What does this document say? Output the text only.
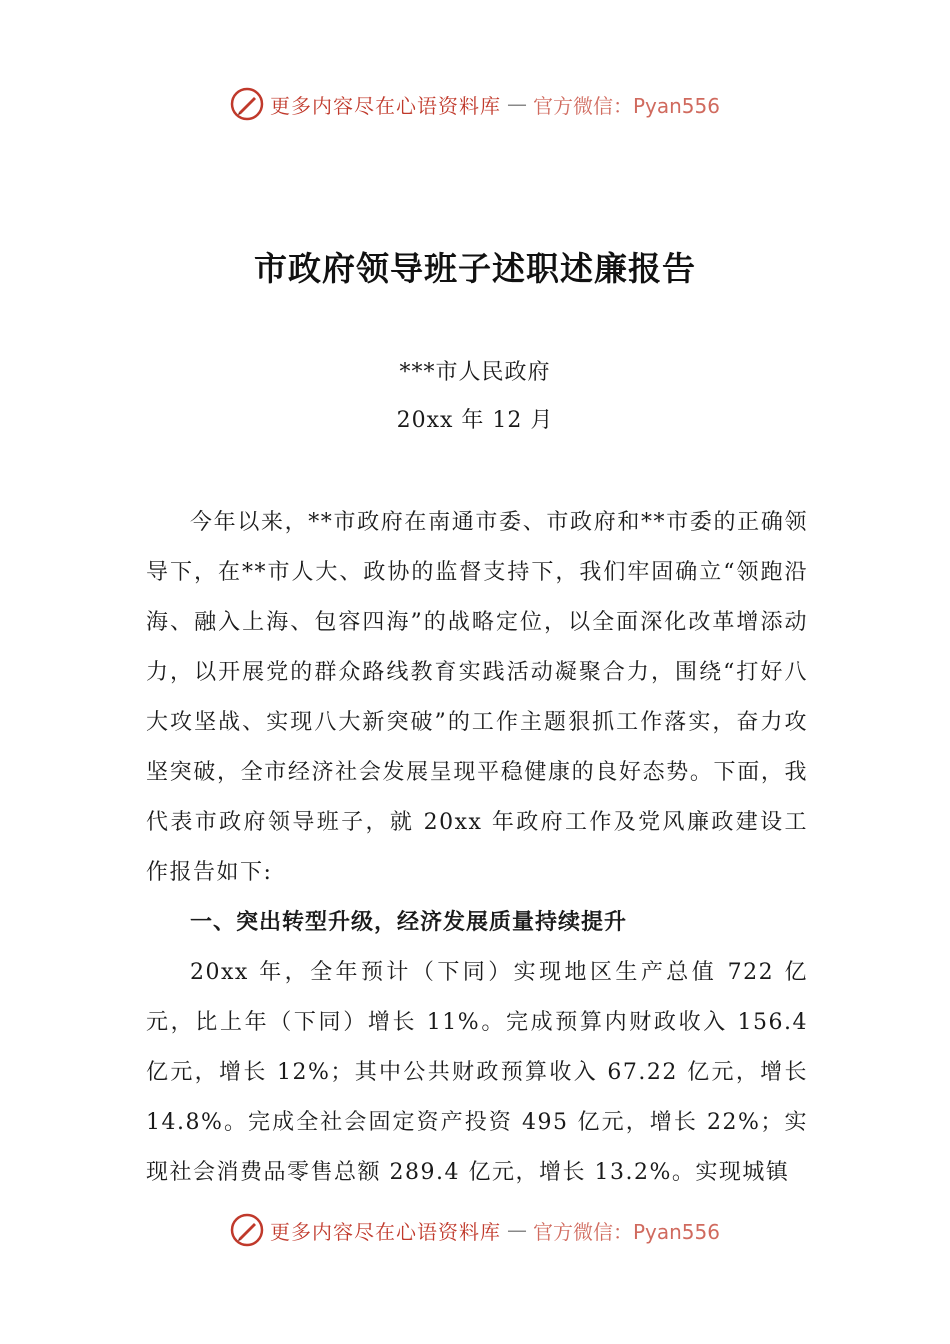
更多内容尽在心语资料库 — 官方微信：Pyan556
市政府领导班子述职述廉报告
***市人民政府
20xx 年 12 月

今年以来，**市政府在南通市委、市政府和**市委的正确领导下，在**市人大、政协的监督支持下，我们牢固确立“领跑沿海、融入上海、包容四海”的战略定位，以全面深化改革增添动力，以开展党的群众路线教育实践活动凝聚合力，围绕“打好八大攻坚战、实现八大新突破”的工作主题狠抓工作落实，奋力攻坚突破，全市经济社会发展呈现平稳健康的良好态势。下面，我代表市政府领导班子，就 20xx 年政府工作及党风廉政建设工作报告如下:

一、突出转型升级，经济发展质量持续提升

20xx 年，全年预计（下同）实现地区生产总值 722 亿元，比上年（下同）增长 11%。完成预算内财政收入 156.4 亿元，增长 12%；其中公共财政预算收入 67.22 亿元，增长 14.8%。完成全社会固定资产投资 495 亿元，增长 22%；实现社会消费品零售总额 289.4 亿元，增长 13.2%。实现城镇

更多内容尽在心语资料库 — 官方微信：Pyan556
